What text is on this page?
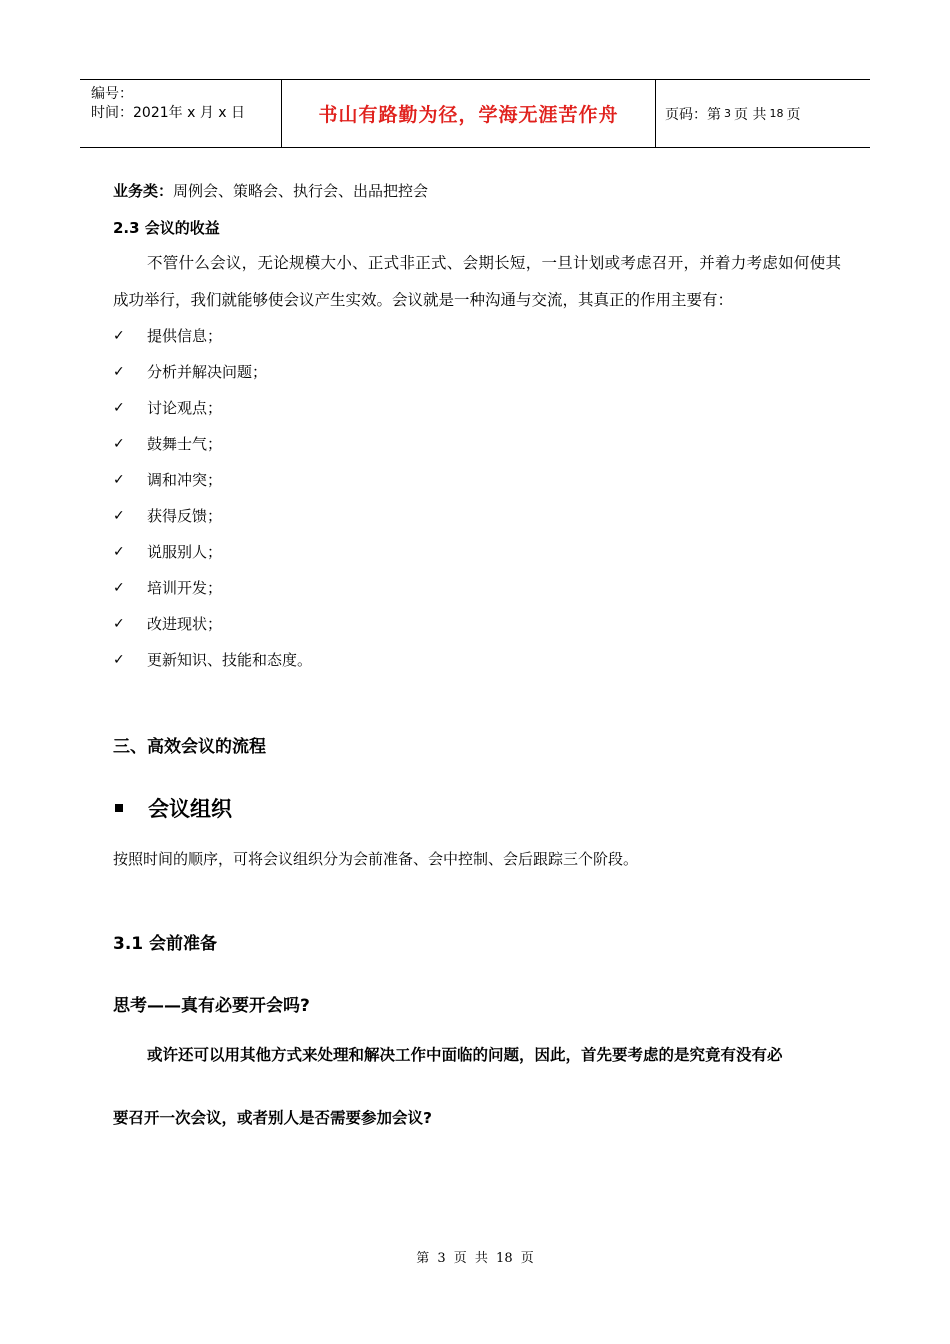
编号：
时间：2021年 x 月 x 日	书山有路勤为径，学海无涯苦作舟	页码：第 3 页 共 18 页
业务类：周例会、策略会、执行会、出品把控会
2.3 会议的收益
不管什么会议，无论规模大小、正式非正式、会期长短，一旦计划或考虑召开，并着力考虑如何使其成功举行，我们就能够使会议产生实效。会议就是一种沟通与交流，其真正的作用主要有：
✓	提供信息；
✓	分析并解决问题；
✓	讨论观点；
✓	鼓舞士气；
✓	调和冲突；
✓	获得反馈；
✓	说服别人；
✓	培训开发；
✓	改进现状；
✓	更新知识、技能和态度。
三、高效会议的流程
会议组织
按照时间的顺序，可将会议组织分为会前准备、会中控制、会后跟踪三个阶段。
3.1 会前准备
思考——真有必要开会吗?
或许还可以用其他方式来处理和解决工作中面临的问题，因此，首先要考虑的是究竟有没有必
要召开一次会议，或者别人是否需要参加会议?
第 3 页 共 18 页
